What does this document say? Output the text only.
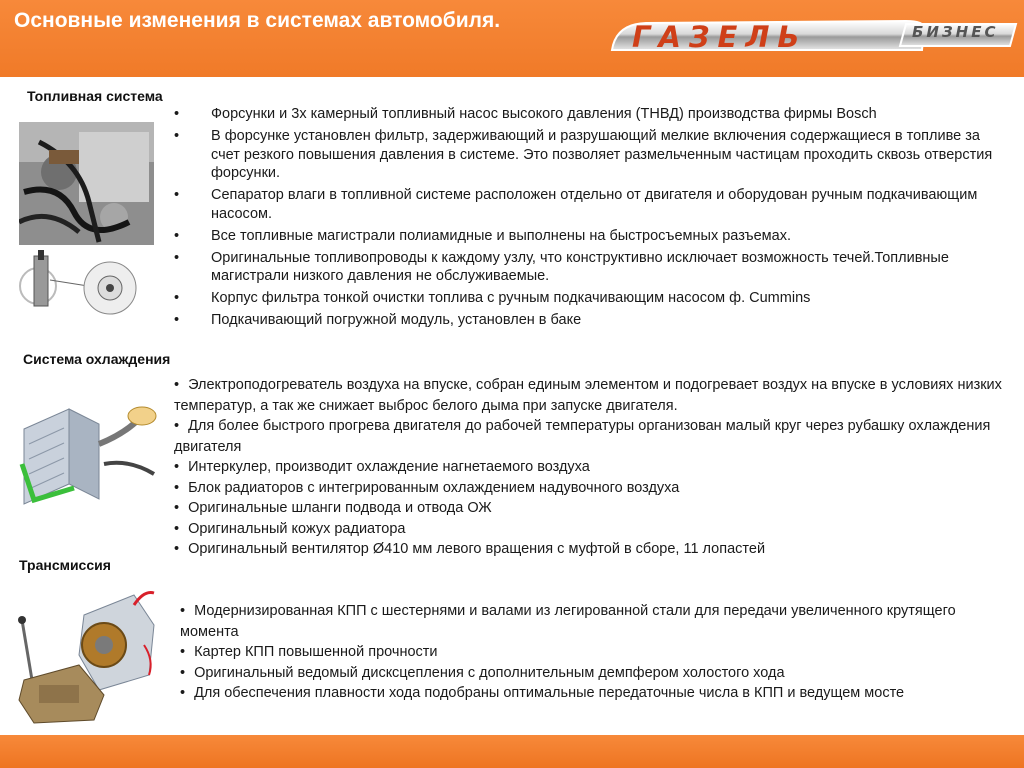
Основные изменения в системах автомобиля.	ГАЗЕЛЬ	БИЗНЕС
Топливная система
• Форсунки и 3х камерный топливный насос высокого давления (ТНВД) производства фирмы Bosch
• В форсунке установлен фильтр, задерживающий и разрушающий мелкие включения содержащиеся в топливе за счет резкого повышения давления в системе. Это позволяет размельченным частицам проходить сквозь отверстия форсунки.
• Сепаратор влаги в топливной системе расположен отдельно от двигателя и оборудован ручным подкачивающим насосом.
• Все топливные магистрали полиамидные и выполнены на быстросъемных разъемах.
• Оригинальные топливопроводы к каждому узлу, что конструктивно исключает возможность течей.Топливные магистрали низкого давления не обслуживаемые.
• Корпус фильтра тонкой очистки топлива с ручным подкачивающим насосом ф. Cummins
• Подкачивающий погружной модуль, установлен в баке
Система охлаждения
• Электроподогреватель воздуха на впуске, собран единым элементом и подогревает воздух на впуске в условиях низких температур, а так же снижает выброс белого дыма при запуске двигателя.
• Для более быстрого прогрева двигателя до рабочей температуры организован малый круг через рубашку охлаждения двигателя
• Интеркулер, производит охлаждение нагнетаемого воздуха
• Блок радиаторов с интегрированным охлаждением надувочного воздуха
• Оригинальные шланги подвода и отвода ОЖ
• Оригинальный кожух радиатора
• Оригинальный вентилятор Ø410 мм левого вращения с муфтой в сборе, 11 лопастей
Трансмиссия
• Модернизированная КПП с шестернями и валами из легированной стали для передачи увеличенного крутящего момента
• Картер КПП повышенной прочности
• Оригинальный ведомый дискcцепления с дополнительным демпфером холостого хода
• Для обеспечения плавности хода подобраны оптимальные передаточные числа в КПП и ведущем мосте
